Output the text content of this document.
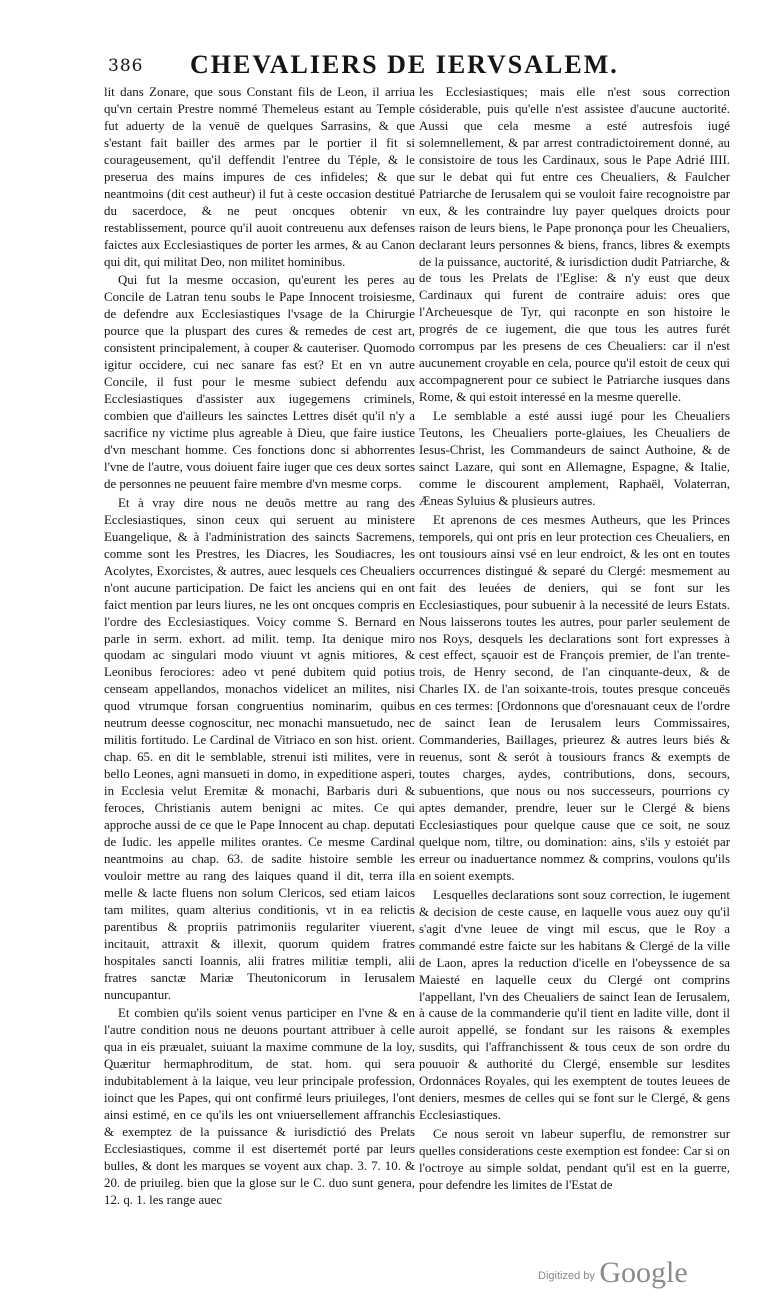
386 CHEVALIERS DE IERVSALEM.

lit dans Zonare, que sous Constant fils de Leon, il arriua qu'vn certain Prestre nommé Themeleus estant au Temple fut aduerty de la venuë de quelques Sarrasins, & que s'estant fait bailler des armes par le portier il fit si courageusement, qu'il deffendit l'entree du Téple, & le preserua des mains impures de ces infideles; & que neantmoins (dit cest autheur) il fut à ceste occasion destitué du sacerdoce, & ne peut oncques obtenir vn restablissement, pource qu'il auoit contreuenu aux defenses faictes aux Ecclesiastiques de porter les armes, & au Canon qui dit, qui militat Deo, non militet hominibus.

Qui fut la mesme occasion, qu'eurent les peres au Concile de Latran tenu soubs le Pape Innocent troisiesme, de defendre aux Ecclesiastiques l'vsage de la Chirurgie pource que la pluspart des cures & remedes de cest art, consistent principalement, à couper & cauteriser. Quomodo igitur occidere, cui nec sanare fas est? Et en vn autre Concile, il fust pour le mesme subiect defendu aux Ecclesiastiques d'assister aux iugegemens criminels, combien que d'ailleurs les sainctes Lettres disét qu'il n'y a sacrifice ny victime plus agreable à Dieu, que faire iustice d'vn meschant homme. Ces fonctions donc si abhorrentes l'vne de l'autre, vous doiuent faire iuger que ces deux sortes de personnes ne peuuent faire membre d'vn mesme corps.

Et à vray dire nous ne deuõs mettre au rang des Ecclesiastiques, sinon ceux qui seruent au ministere Euangelique, & à l'administration des saincts Sacremens, comme sont les Prestres, les Diacres, les Soudiacres, les Acolytes, Exorcistes, & autres, auec lesquels ces Cheualiers n'ont aucune participation. De faict les anciens qui en ont faict mention par leurs liures, ne les ont oncques compris en l'ordre des Ecclesiastiques. Voicy comme S. Bernard en parle in serm. exhort. ad milit. temp. Ita denique miro quodam ac singulari modo viuunt vt agnis mitiores, & Leonibus ferociores: adeo vt pené dubitem quid potius censeam appellandos, monachos videlicet an milites, nisi quod vtrumque forsan congruentius nominarim, quibus neutrum deesse cognoscitur, nec monachi mansuetudo, nec militis fortitudo. Le Cardinal de Vitriaco en son hist. orient. chap. 65. en dit le semblable, strenui isti milites, vere in bello Leones, agni mansueti in domo, in expeditione asperi, in Ecclesia velut Eremitæ & monachi, Barbaris duri & feroces, Christianis autem benigni ac mites. Ce qui approche aussi de ce que le Pape Innocent au chap. deputati de Iudic. les appelle milites orantes. Ce mesme Cardinal neantmoins au chap. 63. de sadite histoire semble les vouloir mettre au rang des laiques quand il dit, terra illa melle & lacte fluens non solum Clericos, sed etiam laicos tam milites, quam alterius conditionis, vt in ea relictis parentibus & propriis patrimoniis regulariter viuerent, incitauit, attraxit & illexit, quorum quidem fratres hospitales sancti Ioannis, alii fratres militiæ templi, alii fratres sanctæ Mariæ Theutonicorum in Ierusalem nuncupantur.

Et combien qu'ils soient venus participer en l'vne & en l'autre condition nous ne deuons pourtant attribuer à celle qua in eis præualet, suiuant la maxime commune de la loy, Quæritur hermaphroditum, de stat. hom. qui sera indubitablement à la laique, veu leur principale profession, ioinct que les Papes, qui ont confirmé leurs priuileges, l'ont ainsi estimé, en ce qu'ils les ont vniuersellement affranchis & exemptez de la puissance & iurisdictió des Prelats Ecclesiastiques, comme il est disertemét porté par leurs bulles, & dont les marques se voyent aux chap. 3. 7. 10. & 20. de priuileg. bien que la glose sur le C. duo sunt genera, 12. q. 1. les range auec

les Ecclesiastiques; mais elle n'est sous correction cósiderable, puis qu'elle n'est assistee d'aucune auctorité. Aussi que cela mesme a esté autresfois iugé solemnellement, & par arrest contradictoirement donné, au consistoire de tous les Cardinaux, sous le Pape Adrié IIII. sur le debat qui fut entre ces Cheualiers, & Faulcher Patriarche de Ierusalem qui se vouloit faire recognoistre par eux, & les contraindre luy payer quelques droicts pour raison de leurs biens, le Pape prononça pour les Cheualiers, declarant leurs personnes & biens, francs, libres & exempts de la puissance, auctorité, & iurisdiction dudit Patriarche, & de tous les Prelats de l'Eglise: & n'y eust que deux Cardinaux qui furent de contraire aduis: ores que l'Archeuesque de Tyr, qui raconpte en son histoire le progrés de ce iugement, die que tous les autres furét corrompus par les presens de ces Cheualiers: car il n'est aucunement croyable en cela, pource qu'il estoit de ceux qui accompagnerent pour ce subiect le Patriarche iusques dans Rome, & qui estoit interessé en la mesme querelle.

Le semblable a esté aussi iugé pour les Cheualiers Teutons, les Cheualiers porte-glaiues, les Cheualiers de Iesus-Christ, les Commandeurs de sainct Authoine, & de sainct Lazare, qui sont en Allemagne, Espagne, & Italie, comme le discourent amplement, Raphaël, Volaterran, Æneas Syluius & plusieurs autres.

Et aprenons de ces mesmes Autheurs, que les Princes temporels, qui ont pris en leur protection ces Cheualiers, en ont tousiours ainsi vsé en leur endroict, & les ont en toutes occurrences distingué & separé du Clergé: mesmement au fait des leuées de deniers, qui se font sur les Ecclesiastiques, pour subuenir à la necessité de leurs Estats. Nous laisserons toutes les autres, pour parler seulement de nos Roys, desquels les declarations sont fort expresses à cest effect, sçauoir est de François premier, de l'an trente-trois, de Henry second, de l'an cinquante-deux, & de Charles IX. de l'an soixante-trois, toutes presque conceuës en ces termes: [Ordonnons que d'oresnauant ceux de l'ordre de sainct Iean de Ierusalem leurs Commissaires, Commanderies, Baillages, prieurez & autres leurs biés & reuenus, sont & serót à tousiours francs & exempts de toutes charges, aydes, contributions, dons, secours, subuentions, que nous ou nos successeurs, pourrions cy aptes demander, prendre, leuer sur le Clergé & biens Ecclesiastiques pour quelque cause que ce soit, ne souz quelque nom, tiltre, ou domination: ains, s'ils y estoiét par erreur ou inaduertance nommez & comprins, voulons qu'ils en soient exempts.

Lesquelles declarations sont souz correction, le iugement & decision de ceste cause, en laquelle vous auez ouy qu'il s'agit d'vne leuee de vingt mil escus, que le Roy a commandé estre faicte sur les habitans & Clergé de la ville de Laon, apres la reduction d'icelle en l'obeyssence de sa Maiesté en laquelle ceux du Clergé ont comprins l'appellant, l'vn des Cheualiers de sainct Iean de Ierusalem, à cause de la commanderie qu'il tient en ladite ville, dont il auroit appellé, se fondant sur les raisons & exemples susdits, qui l'affranchissent & tous ceux de son ordre du pouuoir & authorité du Clergé, ensemble sur lesdites Ordonnáces Royales, qui les exemptent de toutes leuees de deniers, mesmes de celles qui se font sur le Clergé, & gens Ecclesiastiques.

Ce nous seroit vn labeur superflu, de remonstrer sur quelles considerations ceste exemption est fondee: Car si on l'octroye au simple soldat, pendant qu'il est en la guerre, pour defendre les limites de l'Estat de

Digitized by Google
